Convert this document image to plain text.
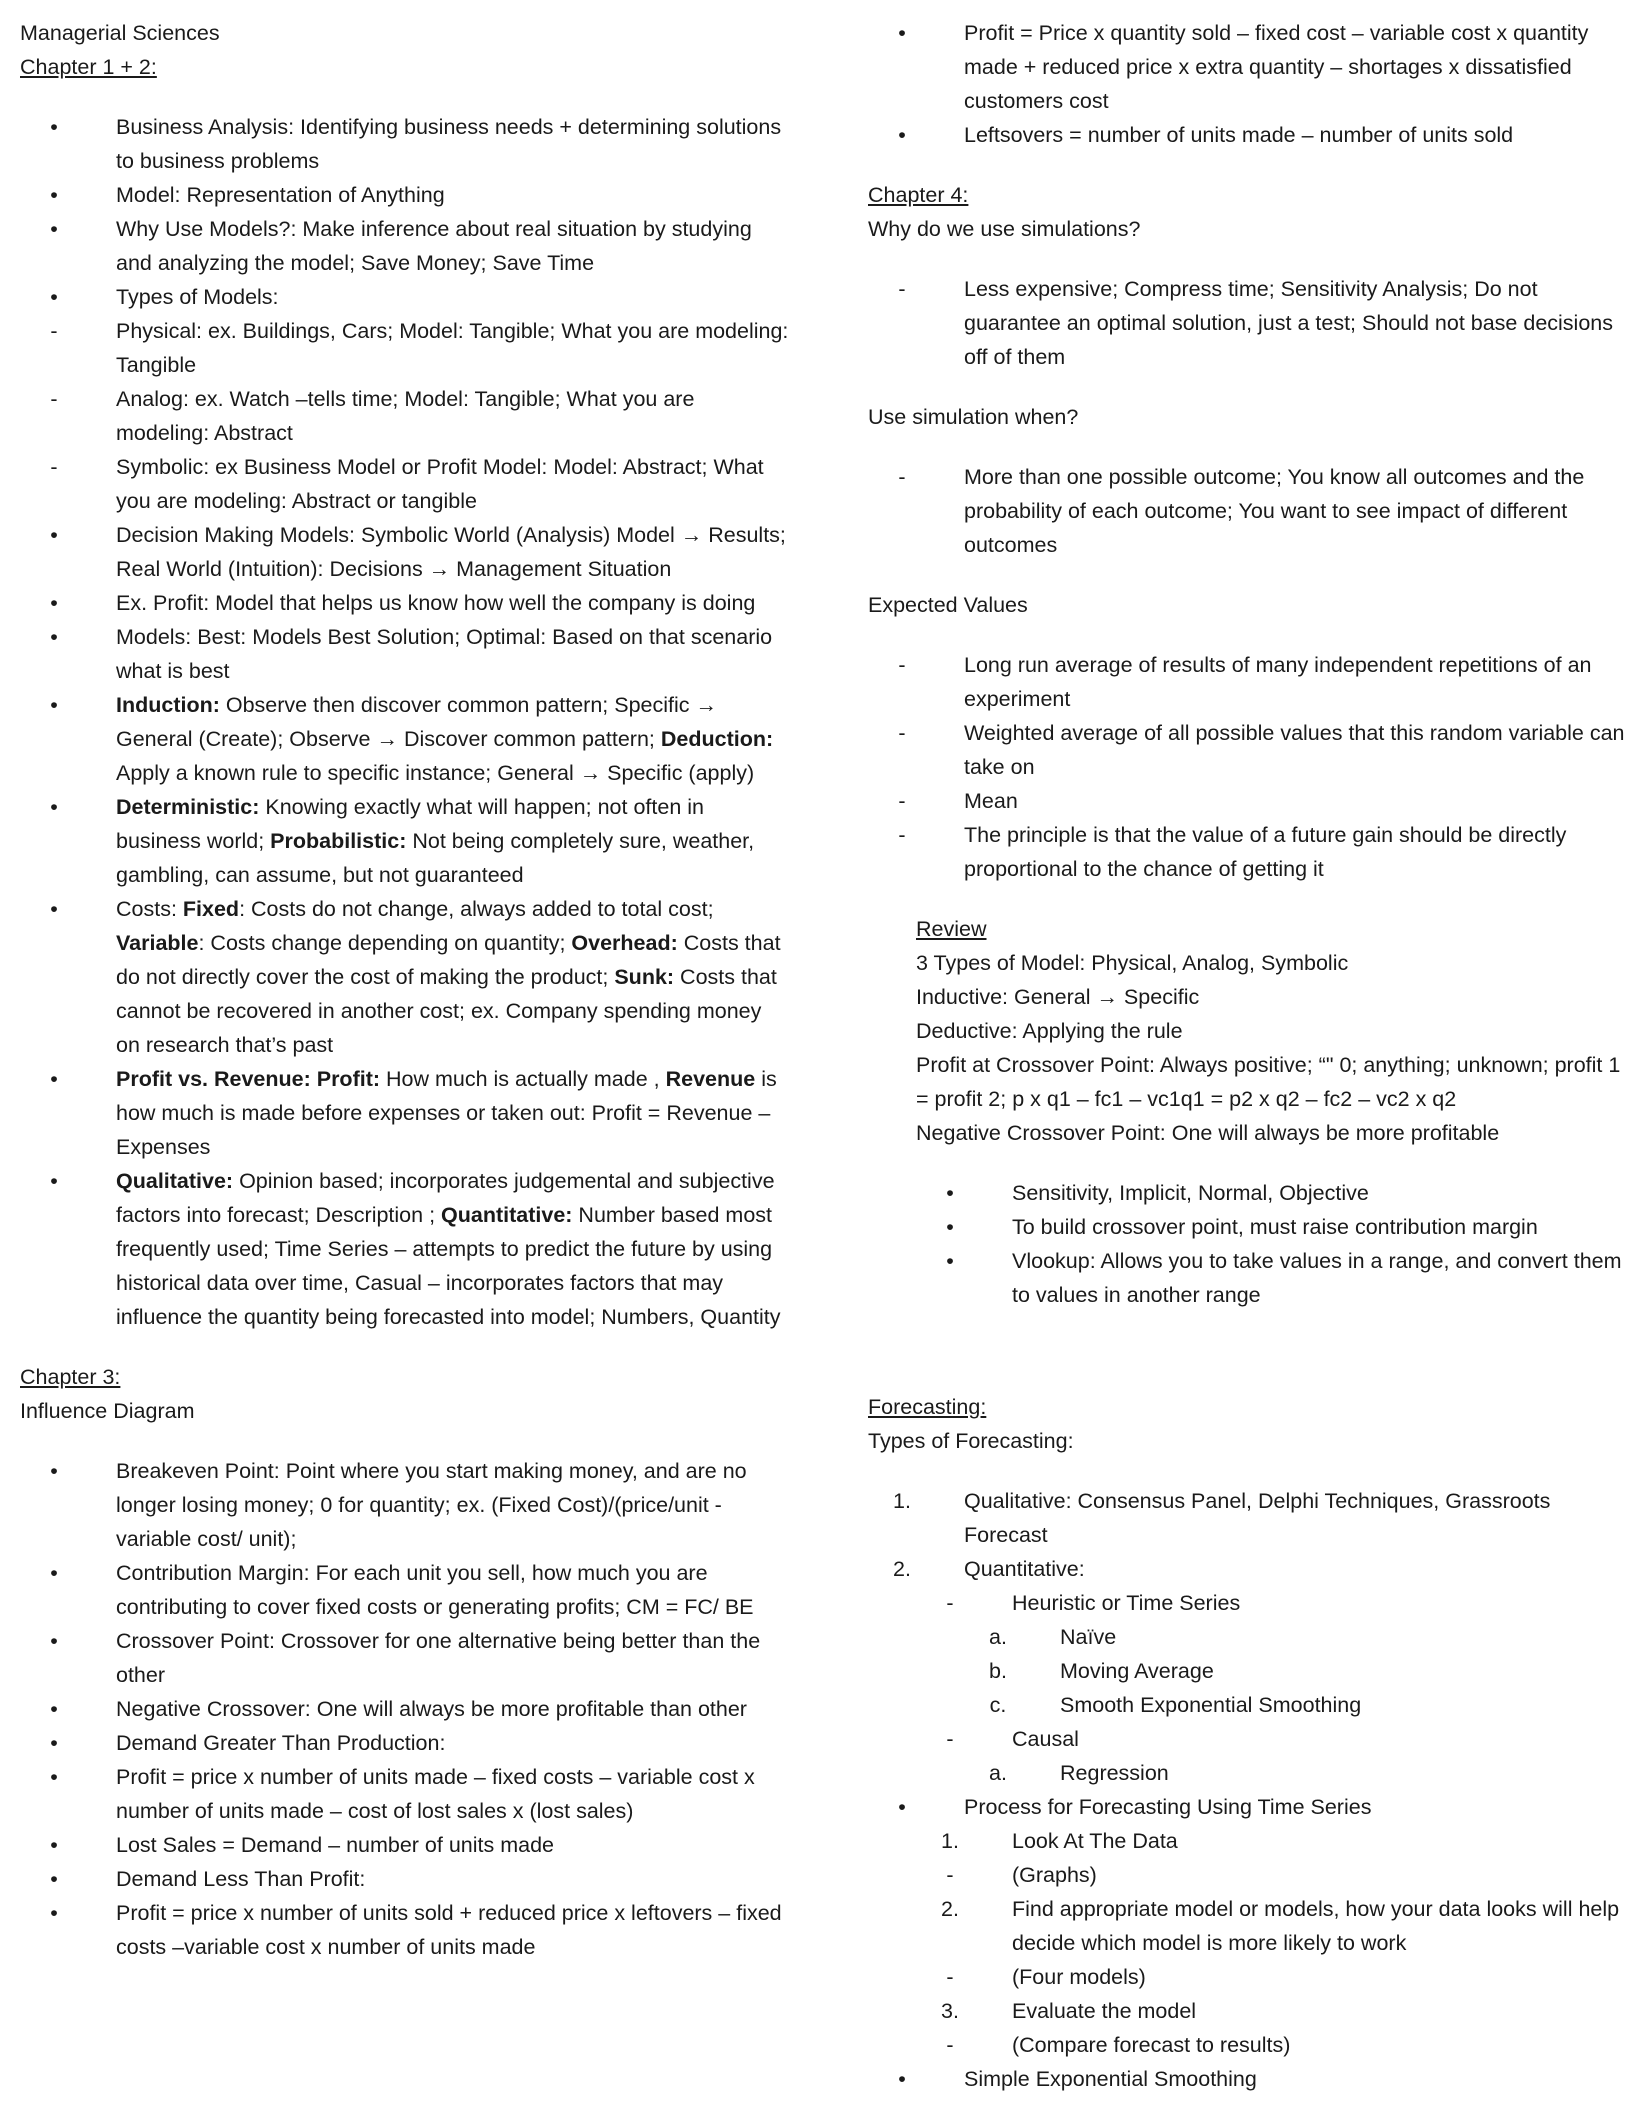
Managerial Sciences

Chapter 1 + 2:

•	Business Analysis: Identifying business needs + determining solutions to business problems
•	Model: Representation of Anything
•	Why Use Models?: Make inference about real situation by studying and analyzing the model; Save Money; Save Time
•	Types of Models:
-	Physical: ex. Buildings, Cars; Model: Tangible; What you are modeling: Tangible
-	Analog: ex. Watch –tells time; Model: Tangible; What you are modeling: Abstract
-	Symbolic: ex Business Model or Profit Model: Model: Abstract; What you are modeling: Abstract or tangible
•	Decision Making Models: Symbolic World (Analysis) Model → Results; Real World (Intuition): Decisions → Management Situation
•	Ex. Profit: Model that helps us know how well the company is doing
•	Models: Best: Models Best Solution; Optimal: Based on that scenario what is best
•	Induction: Observe then discover common pattern; Specific → General (Create); Observe → Discover common pattern; Deduction: Apply a known rule to specific instance; General → Specific (apply)
•	Deterministic: Knowing exactly what will happen; not often in business world; Probabilistic: Not being completely sure, weather, gambling, can assume, but not guaranteed
•	Costs: Fixed: Costs do not change, always added to total cost; Variable: Costs change depending on quantity; Overhead: Costs that do not directly cover the cost of making the product; Sunk: Costs that cannot be recovered in another cost; ex. Company spending money on research that’s past
•	Profit vs. Revenue: Profit: How much is actually made , Revenue is how much is made before expenses or taken out: Profit = Revenue – Expenses
•	Qualitative: Opinion based; incorporates judgemental and subjective factors into forecast; Description ; Quantitative: Number based most frequently used; Time Series – attempts to predict the future by using historical data over time, Casual – incorporates factors that may influence the quantity being forecasted into model; Numbers, Quantity

Chapter 3:

Influence Diagram

•	Breakeven Point: Point where you start making money, and are no longer losing money; 0 for quantity; ex. (Fixed Cost)/(price/unit - variable cost/ unit);
•	Contribution Margin: For each unit you sell, how much you are contributing to cover fixed costs or generating profits; CM = FC/ BE
•	Crossover Point: Crossover for one alternative being better than the other
•	Negative Crossover: One will always be more profitable than other
•	Demand Greater Than Production:
•	Profit = price x number of units made – fixed costs – variable cost x number of units made – cost of lost sales x (lost sales)
•	Lost Sales = Demand – number of units made
•	Demand Less Than Profit:
•	Profit = price x number of units sold + reduced price x leftovers – fixed costs –variable cost x number of units made
•	Profit = Price x quantity sold – fixed cost – variable cost x quantity made + reduced price x extra quantity – shortages x dissatisfied customers cost
•	Leftsovers = number of units made – number of units sold

Chapter 4:

Why do we use simulations?

-	Less expensive; Compress time; Sensitivity Analysis; Do not guarantee an optimal solution, just a test; Should not base decisions off of them

Use simulation when?

-	More than one possible outcome; You know all outcomes and the probability of each outcome; You want to see impact of different outcomes

Expected Values

-	Long run average of results of many independent repetitions of an experiment
-	Weighted average of all possible values that this random variable can take on
-	Mean
-	The principle is that the value of a future gain should be directly proportional to the chance of getting it

Review

3 Types of Model: Physical, Analog, Symbolic

Inductive: General → Specific

Deductive: Applying the rule

Profit at Crossover Point: Always positive; “" 0; anything; unknown; profit 1 = profit 2; p x q1 – fc1 – vc1q1 = p2 x q2 – fc2 – vc2 x q2

Negative Crossover Point: One will always be more profitable

•	Sensitivity, Implicit, Normal, Objective
•	To build crossover point, must raise contribution margin
•	Vlookup: Allows you to take values in a range, and convert them to values in another range

Forecasting:

Types of Forecasting:

1.	Qualitative: Consensus Panel, Delphi Techniques, Grassroots Forecast
2.	Quantitative:
-	Heuristic or Time Series
a.	Naïve
b.	Moving Average
c.	Smooth Exponential Smoothing
-	Causal
a.	Regression
•	Process for Forecasting Using Time Series
1.	Look At The Data
-	(Graphs)
2.	Find appropriate model or models, how your data looks will help decide which model is more likely to work
-	(Four models)
3.	Evaluate the model
-	(Compare forecast to results)
•	Simple Exponential Smoothing
